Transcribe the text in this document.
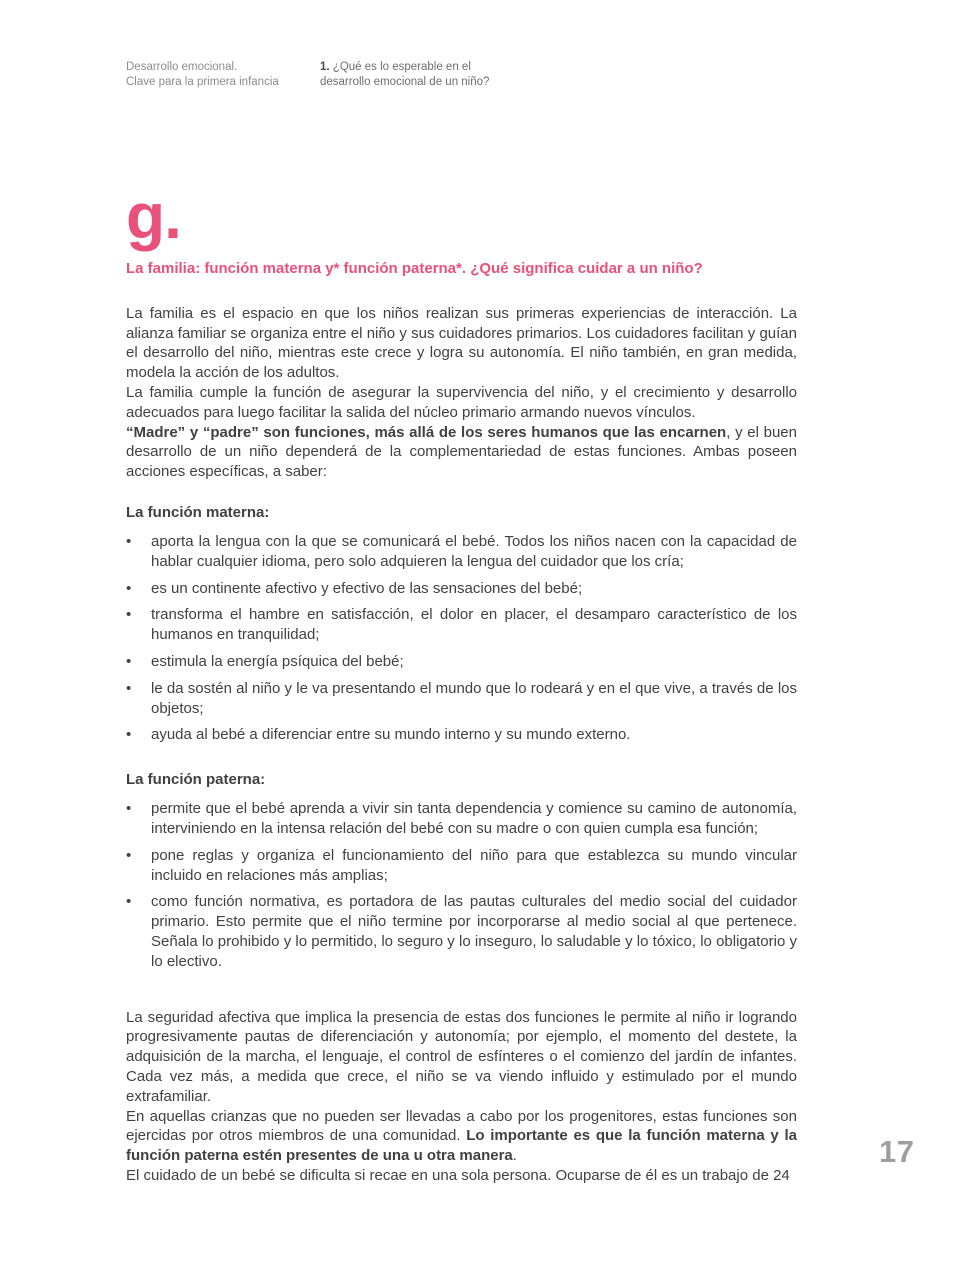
Desarrollo emocional.
Clave para la primera infancia
1. ¿Qué es lo esperable en el
desarrollo emocional de un niño?
g.
La familia: función materna y* función paterna*. ¿Qué significa cuidar a un niño?

La familia es el espacio en que los niños realizan sus primeras experiencias de interacción. La alianza familiar se organiza entre el niño y sus cuidadores primarios. Los cuidadores facilitan y guían el desarrollo del niño, mientras este crece y logra su autonomía. El niño también, en gran medida, modela la acción de los adultos.

La familia cumple la función de asegurar la supervivencia del niño, y el crecimiento y desarrollo adecuados para luego facilitar la salida del núcleo primario armando nuevos vínculos.

“Madre” y “padre” son funciones, más allá de los seres humanos que las encarnen, y el buen desarrollo de un niño dependerá de la complementariedad de estas funciones. Ambas poseen acciones específicas, a saber:

La función materna:
•	aporta la lengua con la que se comunicará el bebé. Todos los niños nacen con la capacidad de hablar cualquier idioma, pero solo adquieren la lengua del cuidador que los cría;
•	es un continente afectivo y efectivo de las sensaciones del bebé;
•	transforma el hambre en satisfacción, el dolor en placer, el desamparo característico de los humanos en tranquilidad;
•	estimula la energía psíquica del bebé;
•	le da sostén al niño y le va presentando el mundo que lo rodeará y en el que vive, a través de los objetos;
•	ayuda al bebé a diferenciar entre su mundo interno y su mundo externo.
La función paterna:
•	permite que el bebé aprenda a vivir sin tanta dependencia y comience su camino de autonomía, interviniendo en la intensa relación del bebé con su madre o con quien cumpla esa función;
•	pone reglas y organiza el funcionamiento del niño para que establezca su mundo vincular incluido en relaciones más amplias;
•	como función normativa, es portadora de las pautas culturales del medio social del cuidador primario. Esto permite que el niño termine por incorporarse al medio social al que pertenece. Señala lo prohibido y lo permitido, lo seguro y lo inseguro, lo saludable y lo tóxico, lo obligatorio y lo electivo.

La seguridad afectiva que implica la presencia de estas dos funciones le permite al niño ir logrando progresivamente pautas de diferenciación y autonomía; por ejemplo, el momento del destete, la adquisición de la marcha, el lenguaje, el control de esfínteres o el comienzo del jardín de infantes. Cada vez más, a medida que crece, el niño se va viendo influido y estimulado por el mundo extrafamiliar.

En aquellas crianzas que no pueden ser llevadas a cabo por los progenitores, estas funciones son ejercidas por otros miembros de una comunidad. Lo importante es que la función materna y la función paterna estén presentes de una u otra manera.

El cuidado de un bebé se dificulta si recae en una sola persona. Ocuparse de él es un trabajo de 24

17
